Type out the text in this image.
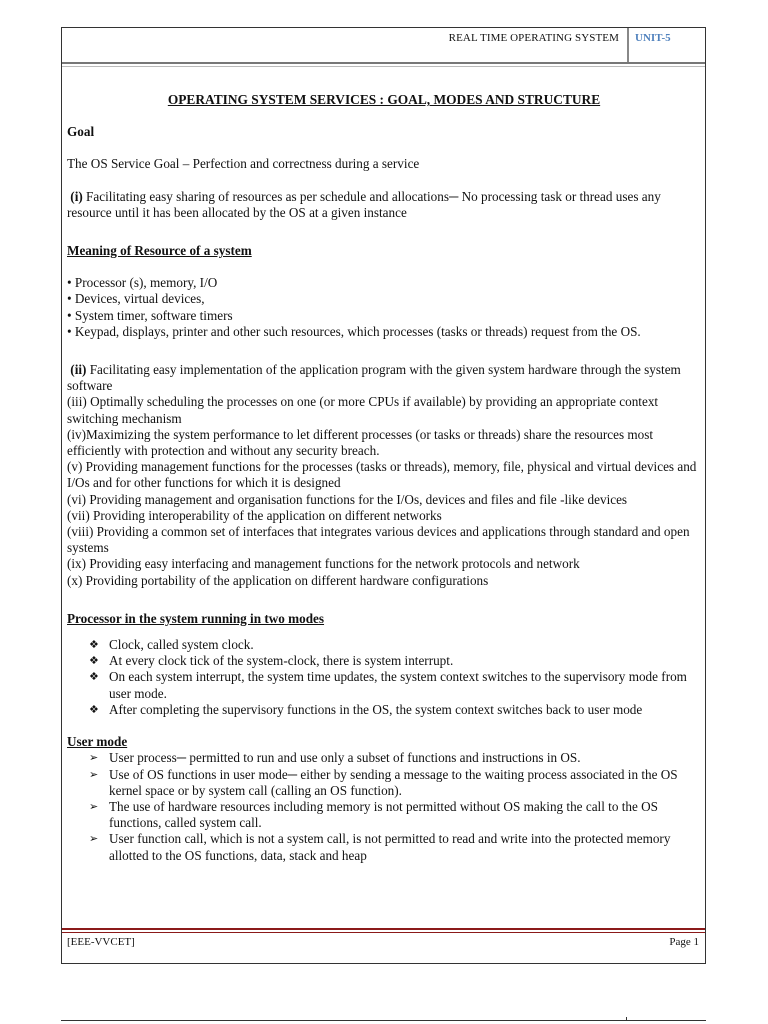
REAL TIME OPERATING SYSTEM UNIT-5

OPERATING SYSTEM SERVICES : GOAL, MODES AND STRUCTURE

Goal

The OS Service Goal – Perfection and correctness during a service

(i) Facilitating easy sharing of resources as per schedule and allocations─ No processing task or thread uses any resource until it has been allocated by the OS at a given instance

Meaning of Resource of a system

• Processor (s), memory, I/O
• Devices, virtual devices,
• System timer, software timers
• Keypad, displays, printer and other such resources, which processes (tasks or threads) request from the OS.

(ii) Facilitating easy implementation of the application program with the given system hardware through the system software

(iii) Optimally scheduling the processes on one (or more CPUs if available) by providing an appropriate context switching mechanism

(iv)Maximizing the system performance to let different processes (or tasks or threads) share the resources most efficiently with protection and without any security breach.

(v) Providing management functions for the processes (tasks or threads), memory, file, physical and virtual devices and I/Os and for other functions for which it is designed

(vi) Providing management and organisation functions for the I/Os, devices and files and file -like devices

(vii) Providing interoperability of the application on different networks

(viii) Providing a common set of interfaces that integrates various devices and applications through standard and open systems

(ix) Providing easy interfacing and management functions for the network protocols and network

(x) Providing portability of the application on different hardware configurations

Processor in the system running in two modes

❖ Clock, called system clock.
❖ At every clock tick of the system-clock, there is system interrupt.
❖ On each system interrupt, the system time updates, the system context switches to the supervisory mode from user mode.
❖ After completing the supervisory functions in the OS, the system context switches back to user mode

User mode

➢ User process─ permitted to run and use only a subset of functions and instructions in OS.
➢ Use of OS functions in user mode─ either by sending a message to the waiting process associated in the OS kernel space or by system call (calling an OS function).
➢ The use of hardware resources including memory is not permitted without OS making the call to the OS functions, called system call.
➢ User function call, which is not a system call, is not permitted to read and write into the protected memory allotted to the OS functions, data, stack and heap
[EEE-VVCET]	Page 1
